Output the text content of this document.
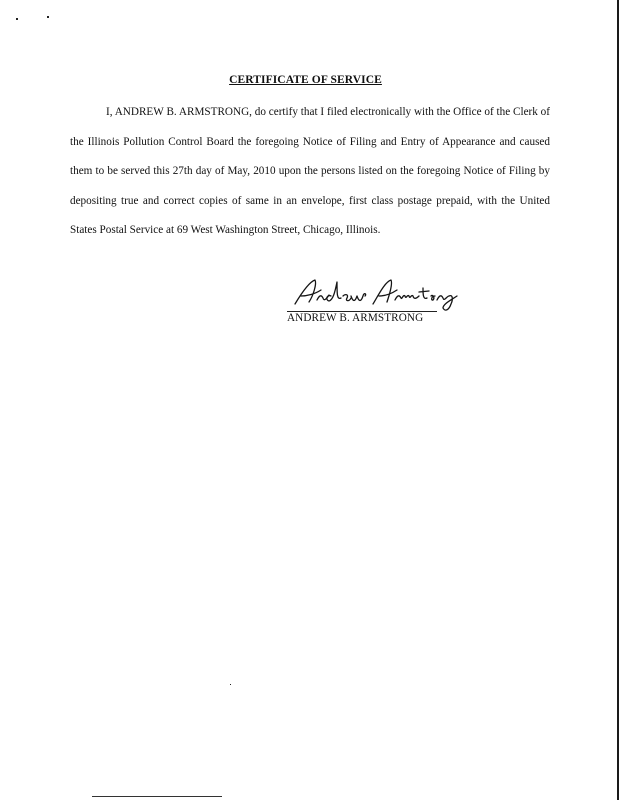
CERTIFICATE OF SERVICE

I, ANDREW B. ARMSTRONG, do certify that I filed electronically with the Office of the Clerk of the Illinois Pollution Control Board the foregoing Notice of Filing and Entry of Appearance and caused them to be served this 27th day of May, 2010 upon the persons listed on the foregoing Notice of Filing by depositing true and correct copies of same in an envelope, first class postage prepaid, with the United States Postal Service at 69 West Washington Street, Chicago, Illinois.

ANDREW B. ARMSTRONG
